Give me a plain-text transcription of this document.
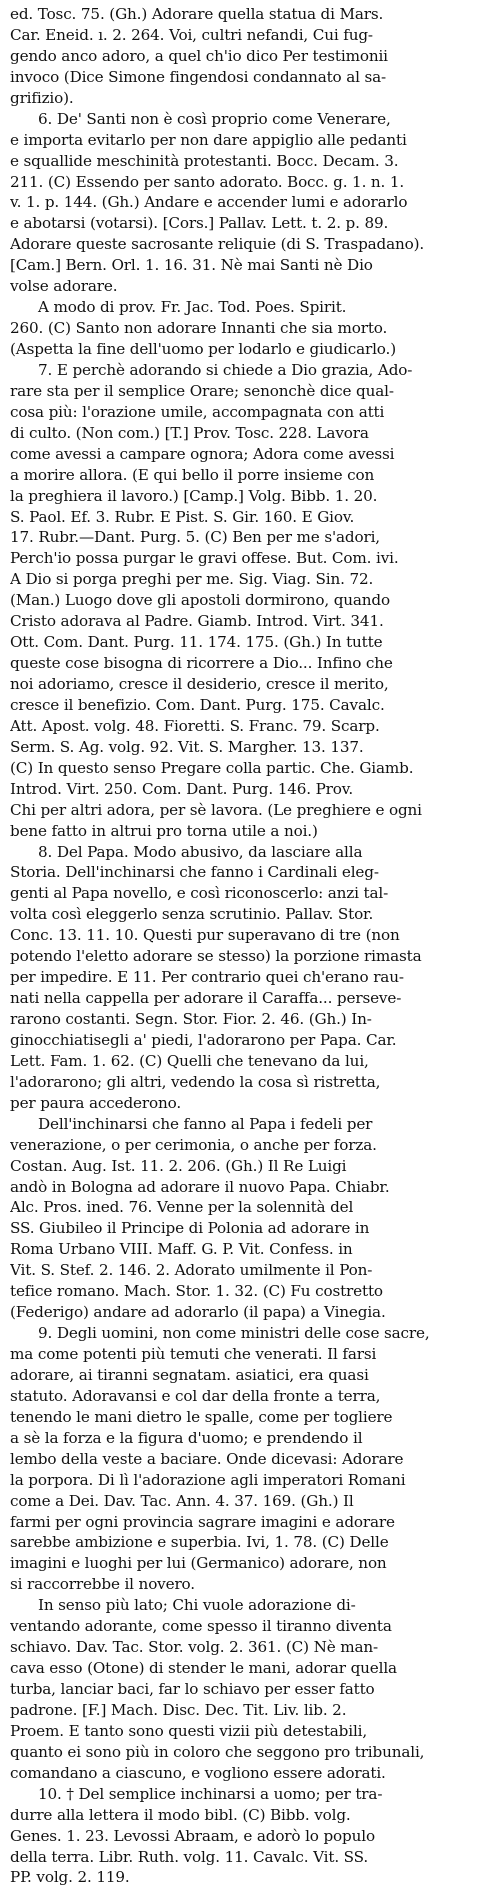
ed. Tosc. 75. (Gh.) Adorare quella statua di Mars.
Car. Eneid. ı. 2. 264. Voi, cultri nefandi, Cui fug-
gendo anco adoro, a quel ch'io dico Per testimonii
invoco (Dice Simone fingendosi condannato al sa-
grifizio).
6. De' Santi non è così proprio come Venerare,
e importa evitarlo per non dare appiglio alle pedanti
e squallide meschinità protestanti. Bocc. Decam. 3.
211. (C) Essendo per santo adorato. Bocc. g. 1. n. 1.
v. 1. p. 144. (Gh.) Andare e accender lumi e adorarlo
e abotarsi (votarsi). [Cors.] Pallav. Lett. t. 2. p. 89.
Adorare queste sacrosante reliquie (di S. Traspadano).
[Cam.] Bern. Orl. 1. 16. 31. Nè mai Santi nè Dio
volse adorare.
A modo di prov. Fr. Jac. Tod. Poes. Spirit.
260. (C) Santo non adorare Innanti che sia morto.
(Aspetta la fine dell'uomo per lodarlo e giudicarlo.)
7. E perchè adorando si chiede a Dio grazia, Ado-
rare sta per il semplice Orare; senonchè dice qual-
cosa più: l'orazione umile, accompagnata con atti
di culto. (Non com.) [T.] Prov. Tosc. 228. Lavora
come avessi a campare ognora; Adora come avessi
a morire allora. (E qui bello il porre insieme con
la preghiera il lavoro.) [Camp.] Volg. Bibb. 1. 20.
S. Paol. Ef. 3. Rubr. E Pist. S. Gir. 160. E Giov.
17. Rubr.—Dant. Purg. 5. (C) Ben per me s'adori,
Perch'io possa purgar le gravi offese. But. Com. ivi.
A Dio si porga preghi per me. Sig. Viag. Sin. 72.
(Man.) Luogo dove gli apostoli dormirono, quando
Cristo adorava al Padre. Giamb. Introd. Virt. 341.
Ott. Com. Dant. Purg. 11. 174. 175. (Gh.) In tutte
queste cose bisogna di ricorrere a Dio... Infino che
noi adoriamo, cresce il desiderio, cresce il merito,
cresce il benefizio. Com. Dant. Purg. 175. Cavalc.
Att. Apost. volg. 48. Fioretti. S. Franc. 79. Scarp.
Serm. S. Ag. volg. 92. Vit. S. Margher. 13. 137.
(C) In questo senso Pregare colla partic. Che. Giamb.
Introd. Virt. 250. Com. Dant. Purg. 146. Prov.
Chi per altri adora, per sè lavora. (Le preghiere e ogni
bene fatto in altrui pro torna utile a noi.)
8. Del Papa. Modo abusivo, da lasciare alla
Storia. Dell'inchinarsi che fanno i Cardinali eleg-
genti al Papa novello, e così riconoscerlo: anzi tal-
volta così eleggerlo senza scrutinio. Pallav. Stor.
Conc. 13. 11. 10. Questi pur superavano di tre (non
potendo l'eletto adorare se stesso) la porzione rimasta
per impedire. E 11. Per contrario quei ch'erano rau-
nati nella cappella per adorare il Caraffa... perseve-
rarono costanti. Segn. Stor. Fior. 2. 46. (Gh.) In-
ginocchiatisegli a' piedi, l'adorarono per Papa. Car.
Lett. Fam. 1. 62. (C) Quelli che tenevano da lui,
l'adorarono; gli altri, vedendo la cosa sì ristretta,
per paura accederono.
Dell'inchinarsi che fanno al Papa i fedeli per
venerazione, o per cerimonia, o anche per forza.
Costan. Aug. Ist. 11. 2. 206. (Gh.) Il Re Luigi
andò in Bologna ad adorare il nuovo Papa. Chiabr.
Alc. Pros. ined. 76. Venne per la solennità del
SS. Giubileo il Principe di Polonia ad adorare in
Roma Urbano VIII. Maff. G. P. Vit. Confess. in
Vit. S. Stef. 2. 146. 2. Adorato umilmente il Pon-
tefice romano. Mach. Stor. 1. 32. (C) Fu costretto
(Federigo) andare ad adorarlo (il papa) a Vinegia.
9. Degli uomini, non come ministri delle cose sacre,
ma come potenti più temuti che venerati. Il farsi
adorare, ai tiranni segnatam. asiatici, era quasi
statuto. Adoravansi e col dar della fronte a terra,
tenendo le mani dietro le spalle, come per togliere
a sè la forza e la figura d'uomo; e prendendo il
lembo della veste a baciare. Onde dicevasi: Adorare
la porpora. Di lì l'adorazione agli imperatori Romani
come a Dei. Dav. Tac. Ann. 4. 37. 169. (Gh.) Il
farmi per ogni provincia sagrare imagini e adorare
sarebbe ambizione e superbia. Ivi, 1. 78. (C) Delle
imagini e luoghi per lui (Germanico) adorare, non
si raccorrebbe il novero.
In senso più lato; Chi vuole adorazione di-
ventando adorante, come spesso il tiranno diventa
schiavo. Dav. Tac. Stor. volg. 2. 361. (C) Nè man-
cava esso (Otone) di stender le mani, adorar quella
turba, lanciar baci, far lo schiavo per esser fatto
padrone. [F.] Mach. Disc. Dec. Tit. Liv. lib. 2.
Proem. E tanto sono questi vizii più detestabili,
quanto ei sono più in coloro che seggono pro tribunali,
comandano a ciascuno, e vogliono essere adorati.
10. † Del semplice inchinarsi a uomo; per tra-
durre alla lettera il modo bibl. (C) Bibb. volg.
Genes. 1. 23. Levossi Abraam, e adorò lo populo
della terra. Libr. Ruth. volg. 11. Cavalc. Vit. SS.
PP. volg. 2. 119.
